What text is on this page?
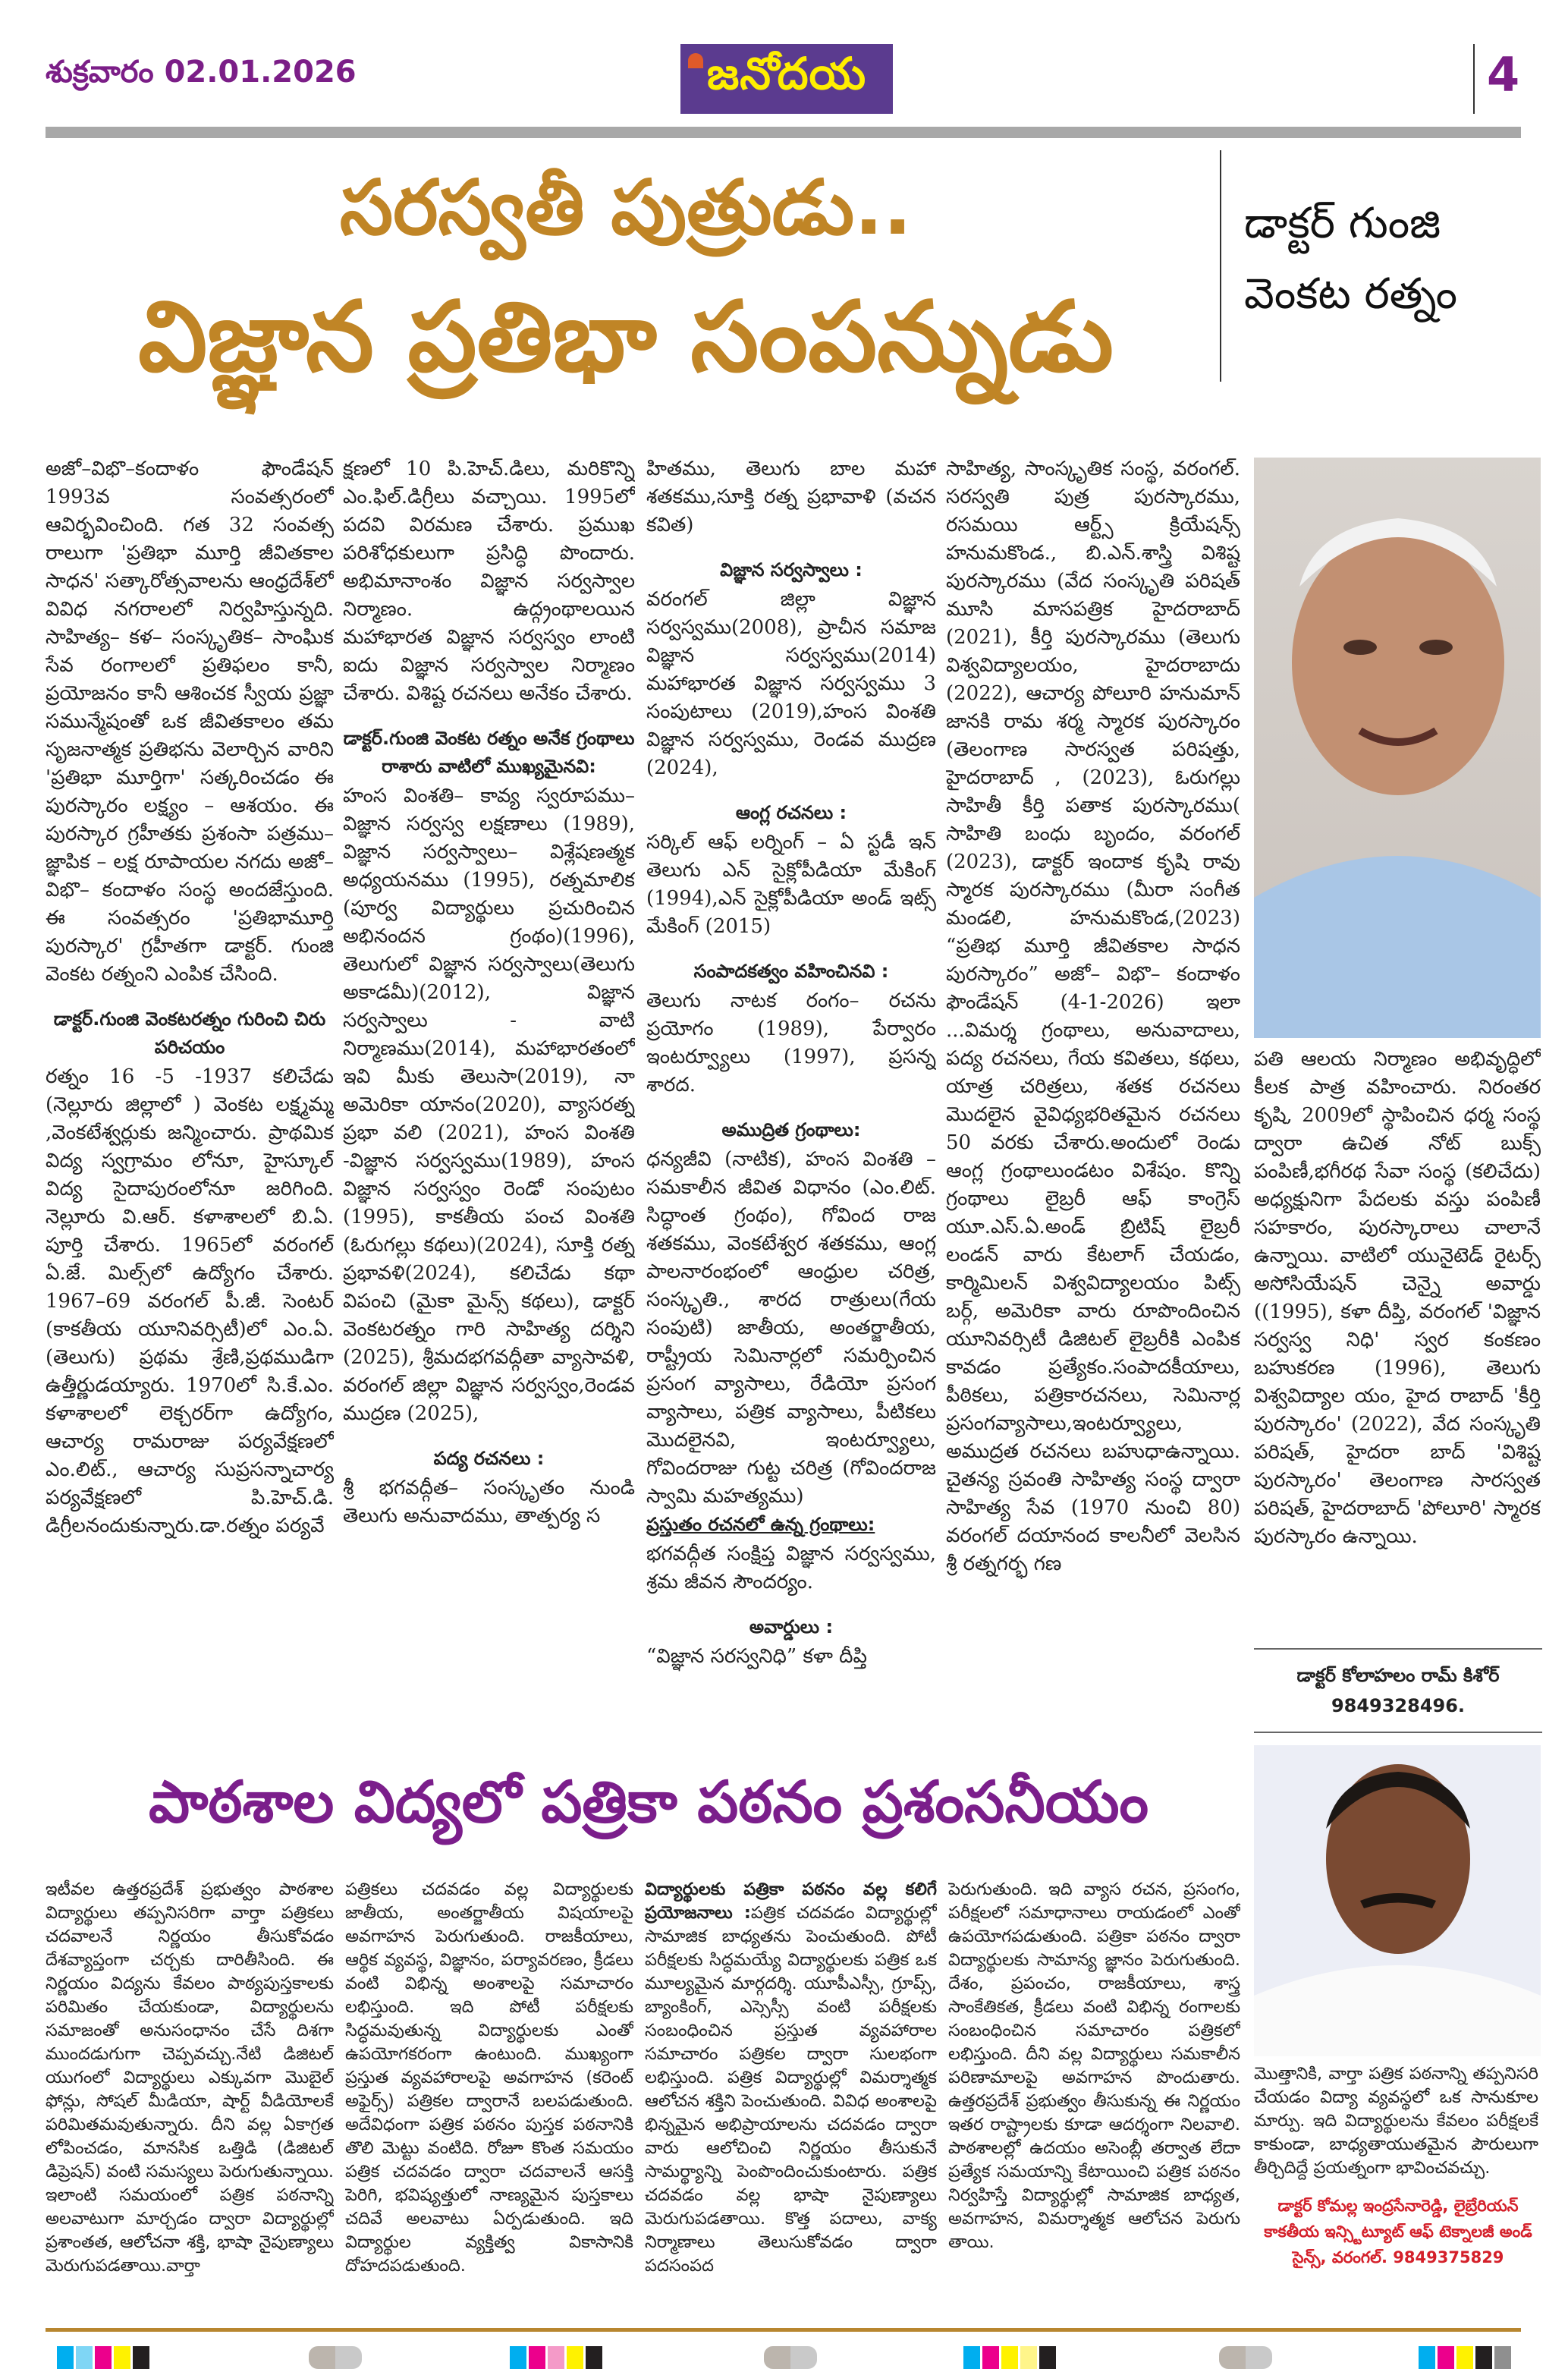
శుక్రవారం 02.01.2026	జనోదయ	4
సరస్వతీ పుత్రుడు..
విజ్ఞాన ప్రతిభా సంపన్నుడు
డాక్టర్ గుంజి
వెంకట రత్నం

అజో–విభొ–కందాళం ఫౌండేషన్ 1993వ సంవత్సరంలో ఆవిర్భవించింది. గత 32 సంవత్స రాలుగా 'ప్రతిభా మూర్తి జీవితకాల సాధన' సత్కారోత్సవాలను ఆంధ్రదేశ్‌లో వివిధ నగరాలలో నిర్వహిస్తున్నది. సాహిత్య– కళ– సంస్కృతిక– సాంఘిక సేవ రంగాలలో ప్రతిఫలం కానీ, ప్రయోజనం కానీ ఆశించక స్వీయ ప్రజ్ఞా సమున్మేషంతో ఒక జీవితకాలం తమ సృజనాత్మక ప్రతిభను వెలార్చిన వారిని 'ప్రతిభా మూర్తిగా' సత్కరించడం ఈ పురస్కారం లక్ష్యం – ఆశయం. ఈ పురస్కార గ్రహీతకు ప్రశంసా పత్రము– జ్ఞాపిక – లక్ష రూపాయల నగదు అజో– విభొ– కందాళం సంస్థ అందజేస్తుంది. ఈ సంవత్సరం 'ప్రతిభామూర్తి పురస్కార' గ్రహీతగా డాక్టర్. గుంజి వెంకట రత్నంని ఎంపిక చేసింది.

డాక్టర్.గుంజి వెంకటరత్నం గురించి చిరు పరిచయం

రత్నం 16 -5 -1937 కలిచేడు (నెల్లూరు జిల్లాలో ) వెంకట లక్ష్మమ్మ ,వెంకటేశ్వర్లుకు జన్మించారు. ప్రాథమిక విద్య స్వగ్రామం లోనూ, హైస్కూల్ విద్య సైదాపురంలోనూ జరిగింది. నెల్లూరు వి.ఆర్. కళాశాలలో బి.ఏ. పూర్తి చేశారు. 1965లో వరంగల్ ఏ.జే. మిల్స్‌లో ఉద్యోగం చేశారు. 1967–69 వరంగల్ పీ.జీ. సెంటర్ (కాకతీయ యూనివర్సిటీ)లో ఎం.ఏ.(తెలుగు) ప్రథమ శ్రేణి,ప్రథముడిగా ఉత్తీర్ణుడయ్యారు. 1970లో సి.కే.ఎం. కళాశాలలో లెక్చరర్‌గా ఉద్యోగం, ఆచార్య రామరాజు పర్యవేక్షణలో ఎం.లిట్., ఆచార్య సుప్రసన్నాచార్య పర్యవేక్షణలో పి.హెచ్.డి. డిగ్రీలనందుకున్నారు.డా.రత్నం పర్యవే

క్షణలో 10 పి.హెచ్.డిలు, మరికొన్ని ఎం.ఫిల్.డిగ్రీలు వచ్చాయి. 1995లో పదవి విరమణ చేశారు. ప్రముఖ పరిశోధకులుగా ప్రసిద్ధి పొందారు. అభిమానాంశం విజ్ఞాన సర్వస్వాల నిర్మాణం. ఉద్గ్రంథాలయిన మహాభారత విజ్ఞాన సర్వస్వం లాంటి ఐదు విజ్ఞాన సర్వస్వాల నిర్మాణం చేశారు. విశిష్ట రచనలు అనేకం చేశారు.

డాక్టర్.గుంజి వెంకట రత్నం అనేక గ్రంథాలు రాశారు వాటిలో ముఖ్యమైనవి:

హంస వింశతి– కావ్య స్వరూపము– విజ్ఞాన సర్వస్వ లక్షణాలు (1989), విజ్ఞాన సర్వస్వాలు– విశ్లేషణత్మక అధ్యయనము (1995), రత్నమాలిక (పూర్వ విద్యార్థులు ప్రచురించిన అభినందన గ్రంథం)(1996), తెలుగులో విజ్ఞాన సర్వస్వాలు(తెలుగు అకాడమీ)(2012), విజ్ఞాన సర్వస్వాలు - వాటి నిర్మాణము(2014), మహాభారతంలో ఇవి మీకు తెలుసా(2019), నా అమెరికా యానం(2020), వ్యాసరత్న ప్రభా వలి (2021), హంస వింశతి -విజ్ఞాన సర్వస్వము(1989), హంస విజ్ఞాన సర్వస్వం రెండో సంపుటం (1995), కాకతీయ పంచ వింశతి (ఓరుగల్లు కథలు)(2024), సూక్తి రత్న ప్రభావళి(2024), కలిచేడు కథా విపంచి (మైకా మైన్స్ కథలు), డాక్టర్ వెంకటరత్నం గారి సాహిత్య దర్శిని (2025), శ్రీమదభగవద్గీతా వ్యాసావళి, వరంగల్ జిల్లా విజ్ఞాన సర్వస్వం,రెండవ ముద్రణ (2025),

పద్య రచనలు :

శ్రీ భగవద్గీత– సంస్కృతం నుండి తెలుగు అనువాదము, తాత్పర్య స

హితము, తెలుగు బాల మహా శతకము,సూక్తి రత్న ప్రభావాళి (వచన కవిత)

విజ్ఞాన సర్వస్వాలు :

వరంగల్ జిల్లా విజ్ఞాన సర్వస్వము(2008), ప్రాచీన సమాజ విజ్ఞాన సర్వస్వము(2014) మహాభారత విజ్ఞాన సర్వస్వము 3 సంపుటాలు (2019),హంస వింశతి విజ్ఞాన సర్వస్వము, రెండవ ముద్రణ (2024),

ఆంగ్ల రచనలు :

సర్కిల్ ఆఫ్ లర్నింగ్ – ఏ స్టడీ ఇన్ తెలుగు ఎన్ సైక్లోపీడియా మేకింగ్ (1994),ఎన్ సైక్లోపీడియా అండ్ ఇట్స్ మేకింగ్ (2015)

సంపాదకత్వం వహించినవి :

తెలుగు నాటక రంగం– రచను ప్రయోగం (1989), పేర్వారం ఇంటర్వ్యూలు (1997), ప్రసన్న శారద.

అముద్రిత గ్రంథాలు:

ధన్యజీవి (నాటిక), హంస వింశతి –సమకాలీన జీవిత విధానం (ఎం.లిట్. సిద్ధాంత గ్రంథం), గోవింద రాజ శతకము, వెంకటేశ్వర శతకము, ఆంగ్ల పాలనారంభంలో ఆంధ్రుల చరిత్ర, సంస్కృతి., శారద రాత్రులు(గేయ సంపుటి) జాతీయ, అంతర్జాతీయ, రాష్ట్రీయ సెమినార్లలో సమర్పించిన ప్రసంగ వ్యాసాలు, రేడియో ప్రసంగ వ్యాసాలు, పత్రిక వ్యాసాలు, పీటికలు మొదలైనవి, ఇంటర్వ్యూలు, గోవిందరాజు గుట్ట చరిత్ర (గోవిందరాజ స్వామి మహత్యము)

ప్రస్తుతం రచనలో ఉన్న గ్రంథాలు:

భగవద్గీత సంక్షిప్త విజ్ఞాన సర్వస్వము, శ్రమ జీవన సౌందర్యం.

అవార్డులు :

“విజ్ఞాన సరస్వనిధి” కళా దీప్తి

సాహిత్య, సాంస్కృతిక సంస్థ, వరంగల్. సరస్వతి పుత్ర పురస్కారము, రసమయి ఆర్ట్స్ క్రియేషన్స్ హనుమకొండ., బి.ఎన్.శాస్త్రి విశిష్ట పురస్కారము (వేద సంస్కృతి పరిషత్ మూసి మాసపత్రిక హైదరాబాద్ (2021), కీర్తి పురస్కారము (తెలుగు విశ్వవిద్యాలయం, హైదరాబాదు (2022), ఆచార్య పోలూరి హనుమాన్ జానకి రామ శర్మ స్మారక పురస్కారం (తెలంగాణ సారస్వత పరిషత్తు, హైదరాబాద్ , (2023), ఓరుగల్లు సాహితీ కీర్తి పతాక పురస్కారము( సాహితి బంధు బృందం, వరంగల్ (2023), డాక్టర్ ఇందాక కృషి రావు స్మారక పురస్కారము (మీరా సంగీత మండలి, హనుమకొండ,(2023) “ప్రతిభ మూర్తి జీవితకాల సాధన పురస్కారం” అజో– విభొ– కందాళం ఫౌండేషన్ (4-1-2026) ఇలా ...విమర్శ గ్రంథాలు, అనువాదాలు, పద్య రచనలు, గేయ కవితలు, కథలు, యాత్ర చరిత్రలు, శతక రచనలు మొదలైన వైవిధ్యభరితమైన రచనలు 50 వరకు చేశారు.అందులో రెండు ఆంగ్ల గ్రంథాలుండటం విశేషం. కొన్ని గ్రంథాలు లైబ్రరీ ఆఫ్ కాంగ్రెస్ యూ.ఎస్.ఏ.అండ్ బ్రిటిష్ లైబ్రరీ లండన్ వారు కేటలాగ్ చేయడం, కార్మిమిలన్ విశ్వవిద్యాలయం పిట్స్ బర్గ్, అమెరికా వారు రూపొందించిన యూనివర్సిటీ డిజిటల్ లైబ్రరీకి ఎంపిక కావడం ప్రత్యేకం.సంపాదకీయాలు, పీఠికలు, పత్రికారచనలు, సెమినార్ల ప్రసంగవ్యాసాలు,ఇంటర్వ్యూలు, అముద్రత రచనలు బహుధాఉన్నాయి. చైతన్య స్రవంతి సాహిత్య సంస్థ ద్వారా సాహిత్య సేవ (1970 నుంచి 80) వరంగల్ దయానంద కాలనీలో వెలసిన శ్రీ రత్నగర్భ గణ

పతి ఆలయ నిర్మాణం అభివృద్ధిలో కీలక పాత్ర వహించారు. నిరంతర కృషి, 2009లో స్థాపించిన ధర్మ సంస్థ ద్వారా ఉచిత నోట్ బుక్స్ పంపిణీ,భగీరథ సేవా సంస్థ (కలిచేదు) అధ్యక్షునిగా పేదలకు వస్తు పంపిణీ సహకారం, పురస్కారాలు చాలానే ఉన్నాయి. వాటిలో యునైటెడ్ రైటర్స్ అసోసియేషన్ చెన్నై అవార్డు ((1995), కళా దీప్తి, వరంగల్ 'విజ్ఞాన సర్వస్వ నిధి' స్వర కంకణం బహుకరణ (1996), తెలుగు విశ్వవిద్యాల యం, హైద రాబాద్ 'కీర్తి పురస్కారం' (2022), వేద సంస్కృతి పరిషత్, హైదరా బాద్ 'విశిష్ట పురస్కారం' తెలంగాణ సారస్వత పరిషత్, హైదరాబాద్ 'పోలూరి' స్మారక పురస్కారం ఉన్నాయి.

డాక్టర్ కోలాహలం రామ్ కిశోర్
9849328496.
పాఠశాల విద్యలో పత్రికా పఠనం ప్రశంసనీయం

ఇటీవల ఉత్తరప్రదేశ్ ప్రభుత్వం పాఠశాల విద్యార్థులు తప్పనిసరిగా వార్తా పత్రికలు చదవాలనే నిర్ణయం తీసుకోవడం దేశవ్యాప్తంగా చర్చకు దారితీసింది. ఈ నిర్ణయం విద్యను కేవలం పాఠ్యపుస్తకాలకు పరిమితం చేయకుండా, విద్యార్థులను సమాజంతో అనుసంధానం చేసే దిశగా ముందడుగుగా చెప్పవచ్చు.నేటి డిజిటల్ యుగంలో విద్యార్థులు ఎక్కువగా మొబైల్ ఫోన్లు, సోషల్ మీడియా, షార్ట్ వీడియోలకే పరిమితమవుతున్నారు. దీని వల్ల ఏకాగ్రత లోపించడం, మానసిక ఒత్తిడి (డిజిటల్ డిప్రెషన్) వంటి సమస్యలు పెరుగుతున్నాయి. ఇలాంటి సమయంలో పత్రిక పఠనాన్ని అలవాటుగా మార్చడం ద్వారా విద్యార్థుల్లో ప్రశాంతత, ఆలోచనా శక్తి, భాషా నైపుణ్యాలు మెరుగుపడతాయి.వార్తా

పత్రికలు చదవడం వల్ల విద్యార్థులకు జాతీయ, అంతర్జాతీయ విషయాలపై అవగాహన పెరుగుతుంది. రాజకీయాలు, ఆర్థిక వ్యవస్థ, విజ్ఞానం, పర్యావరణం, క్రీడలు వంటి విభిన్న అంశాలపై సమాచారం లభిస్తుంది. ఇది పోటీ పరీక్షలకు సిద్ధమవుతున్న విద్యార్థులకు ఎంతో ఉపయోగకరంగా ఉంటుంది. ముఖ్యంగా ప్రస్తుత వ్యవహారాలపై అవగాహన (కరెంట్ అఫైర్స్) పత్రికల ద్వారానే బలపడుతుంది. అదేవిధంగా పత్రిక పఠనం పుస్తక పఠనానికి తొలి మెట్టు వంటిది. రోజూ కొంత సమయం పత్రిక చదవడం ద్వారా చదవాలనే ఆసక్తి పెరిగి, భవిష్యత్తులో నాణ్యమైన పుస్తకాలు చదివే అలవాటు ఏర్పడుతుంది. ఇది విద్యార్థుల వ్యక్తిత్వ వికాసానికి దోహదపడుతుంది.

విద్యార్థులకు పత్రికా పఠనం వల్ల కలిగే ప్రయోజనాలు :పత్రిక చదవడం విద్యార్థుల్లో సామాజిక బాధ్యతను పెంచుతుంది. పోటీ పరీక్షలకు సిద్ధమయ్యే విద్యార్థులకు పత్రిక ఒక మూల్యమైన మార్గదర్శి. యూపీఎస్సీ, గ్రూప్స్, బ్యాంకింగ్, ఎస్సెస్సీ వంటి పరీక్షలకు సంబంధించిన ప్రస్తుత వ్యవహారాల సమాచారం పత్రికల ద్వారా సులభంగా లభిస్తుంది. పత్రిక విద్యార్థుల్లో విమర్శాత్మక ఆలోచన శక్తిని పెంచుతుంది. వివిధ అంశాలపై భిన్నమైన అభిప్రాయాలను చదవడం ద్వారా వారు ఆలోచించి నిర్ణయం తీసుకునే సామర్థ్యాన్ని పెంపొందించుకుంటారు. పత్రిక చదవడం వల్ల భాషా నైపుణ్యాలు మెరుగుపడతాయి. కొత్త పదాలు, వాక్య నిర్మాణాలు తెలుసుకోవడం ద్వారా పదసంపద

పెరుగుతుంది. ఇది వ్యాస రచన, ప్రసంగం, పరీక్షలలో సమాధానాలు రాయడంలో ఎంతో ఉపయోగపడుతుంది. పత్రికా పఠనం ద్వారా విద్యార్థులకు సామాన్య జ్ఞానం పెరుగుతుంది. దేశం, ప్రపంచం, రాజకీయాలు, శాస్త్ర సాంకేతికత, క్రీడలు వంటి విభిన్న రంగాలకు సంబంధించిన సమాచారం పత్రికలో లభిస్తుంది. దీని వల్ల విద్యార్థులు సమకాలీన పరిణామాలపై అవగాహన పొందుతారు. ఉత్తరప్రదేశ్ ప్రభుత్వం తీసుకున్న ఈ నిర్ణయం ఇతర రాష్ట్రాలకు కూడా ఆదర్శంగా నిలవాలి. పాఠశాలల్లో ఉదయం అసెంబ్లీ తర్వాత లేదా ప్రత్యేక సమయాన్ని కేటాయించి పత్రిక పఠనం నిర్వహిస్తే విద్యార్థుల్లో సామాజిక బాధ్యత, అవగాహన, విమర్శాత్మక ఆలోచన పెరుగు తాయి.

మొత్తానికి, వార్తా పత్రిక పఠనాన్ని తప్పనిసరి చేయడం విద్యా వ్యవస్థలో ఒక సానుకూల మార్పు. ఇది విద్యార్థులను కేవలం పరీక్షలకే కాకుండా, బాధ్యతాయుతమైన పౌరులుగా తీర్చిదిద్దే ప్రయత్నంగా భావించవచ్చు.

డాక్టర్ కోమల్ల ఇంద్రసేనారెడ్డి, లైబ్రేరియన్
కాకతీయ ఇన్స్టిట్యూట్ ఆఫ్ టెక్నాలజీ అండ్
సైన్స్, వరంగల్. 9849375829
